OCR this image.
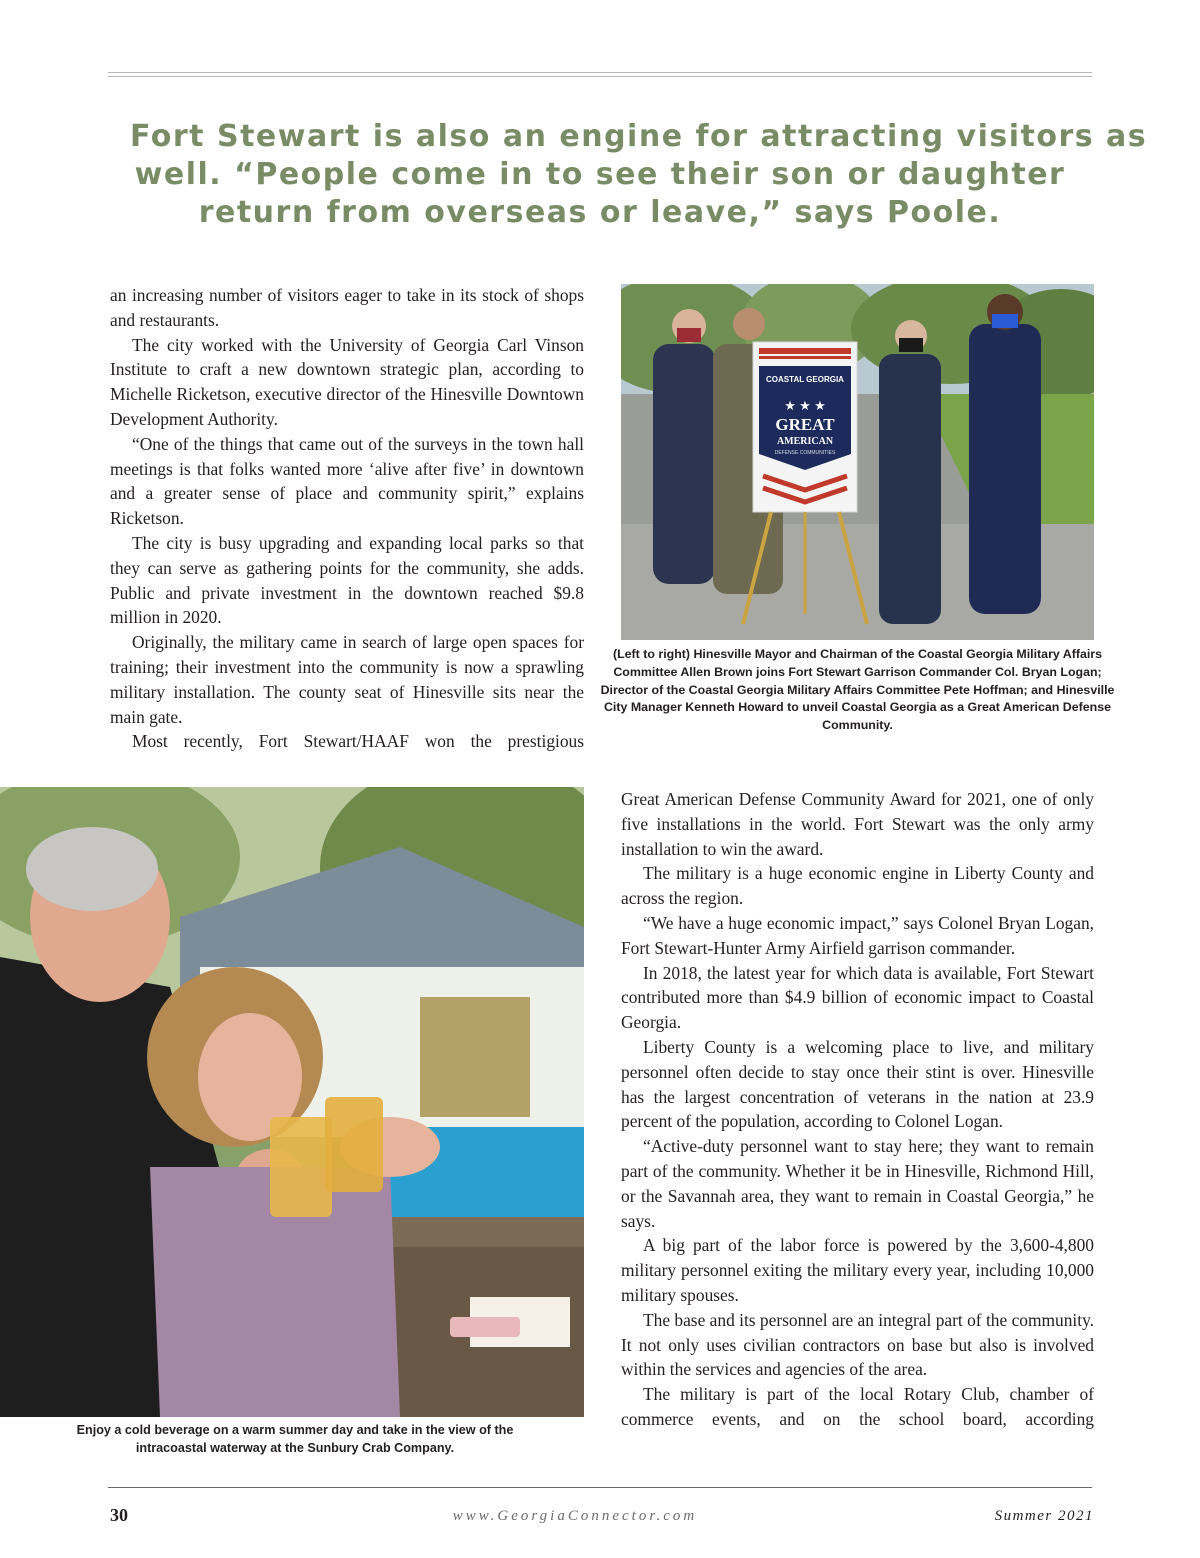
Fort Stewart is also an engine for attracting visitors as
well. “People come in to see their son or daughter
return from overseas or leave,” says Poole.

an increasing number of visitors eager to take in its stock of shops and restaurants.

The city worked with the University of Georgia Carl Vinson Institute to craft a new downtown strategic plan, according to Michelle Ricketson, executive director of the Hinesville Downtown Development Authority.

“One of the things that came out of the surveys in the town hall meetings is that folks wanted more ‘alive after five’ in downtown and a greater sense of place and community spirit,” explains Ricketson.

The city is busy upgrading and expanding local parks so that they can serve as gathering points for the community, she adds. Public and private investment in the downtown reached $9.8 million in 2020.

Originally, the military came in search of large open spaces for training; their investment into the community is now a sprawling military installation. The county seat of Hinesville sits near the main gate.

Most recently, Fort Stewart/HAAF won the prestigious

COASTAL GEORGIA
★ ★ ★
GREAT
AMERICAN
DEFENSE COMMUNITIES
(Left to right) Hinesville Mayor and Chairman of the Coastal Georgia Military Affairs Committee Allen Brown joins Fort Stewart Garrison Commander Col. Bryan Logan; Director of the Coastal Georgia Military Affairs Committee Pete Hoffman; and Hinesville City Manager Kenneth Howard to unveil Coastal Georgia as a Great American Defense Community.

Great American Defense Community Award for 2021, one of only five installations in the world. Fort Stewart was the only army installation to win the award.

The military is a huge economic engine in Liberty County and across the region.

“We have a huge economic impact,” says Colonel Bryan Logan, Fort Stewart-Hunter Army Airfield garrison commander.

In 2018, the latest year for which data is available, Fort Stewart contributed more than $4.9 billion of economic impact to Coastal Georgia.

Liberty County is a welcoming place to live, and military personnel often decide to stay once their stint is over. Hinesville has the largest concentration of veterans in the nation at 23.9 percent of the population, according to Colonel Logan.

“Active-duty personnel want to stay here; they want to remain part of the community. Whether it be in Hinesville, Richmond Hill, or the Savannah area, they want to remain in Coastal Georgia,” he says.

A big part of the labor force is powered by the 3,600-4,800 military personnel exiting the military every year, including 10,000 military spouses.

The base and its personnel are an integral part of the community. It not only uses civilian contractors on base but also is involved within the services and agencies of the area.

The military is part of the local Rotary Club, chamber of commerce events, and on the school board, according

Enjoy a cold beverage on a warm summer day and take in the view of the intracoastal waterway at the Sunbury Crab Company.
30	www.GeorgiaConnector.com	Summer 2021
